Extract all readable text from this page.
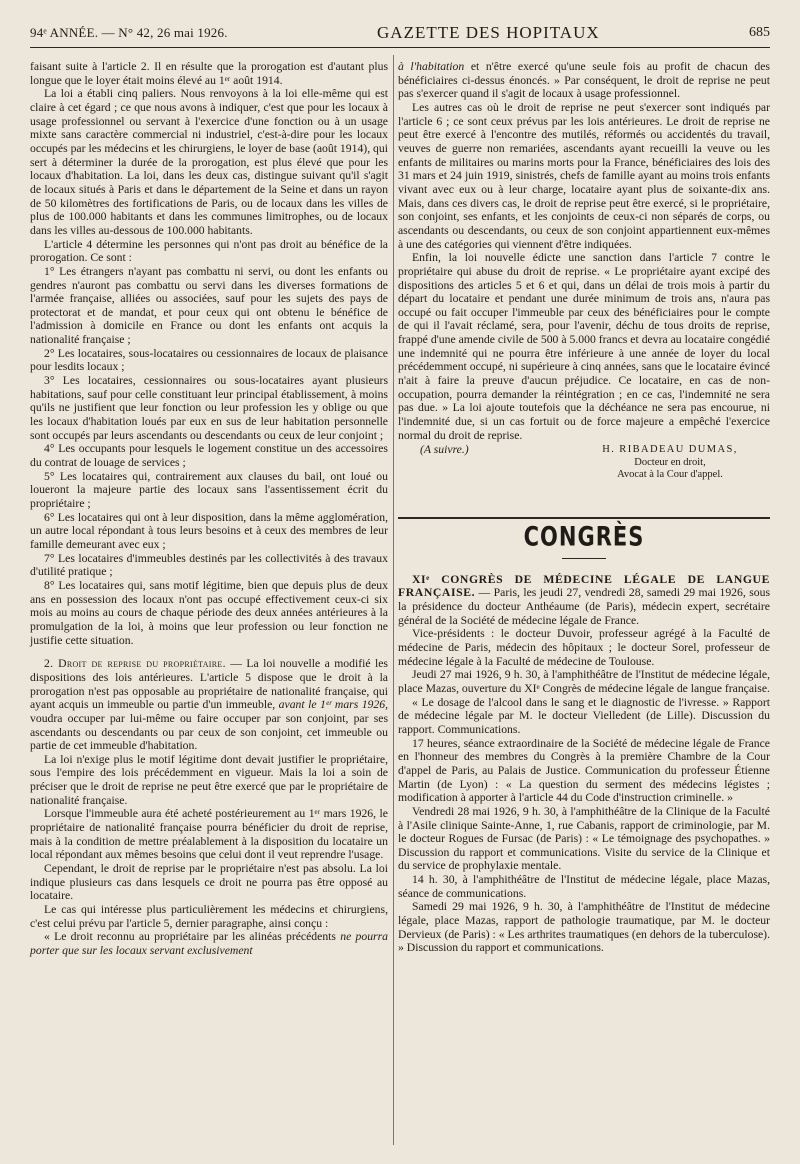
94ᵉ ANNÉE. — N° 42, 26 mai 1926.	GAZETTE DES HOPITAUX	685

faisant suite à l'article 2. Il en résulte que la prorogation est d'autant plus longue que le loyer était moins élevé au 1ᵉʳ août 1914.

La loi a établi cinq paliers. Nous renvoyons à la loi elle-même qui est claire à cet égard ; ce que nous avons à indiquer, c'est que pour les locaux à usage professionnel ou servant à l'exercice d'une fonction ou à un usage mixte sans caractère commercial ni industriel, c'est-à-dire pour les locaux occupés par les médecins et les chirurgiens, le loyer de base (août 1914), qui sert à déterminer la durée de la prorogation, est plus élevé que pour les locaux d'habitation. La loi, dans les deux cas, distingue suivant qu'il s'agit de locaux situés à Paris et dans le département de la Seine et dans un rayon de 50 kilomètres des fortifications de Paris, ou de locaux dans les villes de plus de 100.000 habitants et dans les communes limitrophes, ou de locaux dans les villes au-dessous de 100.000 habitants.

L'article 4 détermine les personnes qui n'ont pas droit au bénéfice de la prorogation. Ce sont :

1° Les étrangers n'ayant pas combattu ni servi, ou dont les enfants ou gendres n'auront pas combattu ou servi dans les diverses formations de l'armée française, alliées ou associées, sauf pour les sujets des pays de protectorat et de mandat, et pour ceux qui ont obtenu le bénéfice de l'admission à domicile en France ou dont les enfants ont acquis la nationalité française ;

2° Les locataires, sous-locataires ou cessionnaires de locaux de plaisance pour lesdits locaux ;

3° Les locataires, cessionnaires ou sous-locataires ayant plusieurs habitations, sauf pour celle constituant leur principal établissement, à moins qu'ils ne justifient que leur fonction ou leur profession les y oblige ou que les locaux d'habitation loués par eux en sus de leur habitation personnelle sont occupés par leurs ascendants ou descendants ou ceux de leur conjoint ;

4° Les occupants pour lesquels le logement constitue un des accessoires du contrat de louage de services ;

5° Les locataires qui, contrairement aux clauses du bail, ont loué ou loueront la majeure partie des locaux sans l'assentissement écrit du propriétaire ;

6° Les locataires qui ont à leur disposition, dans la même agglomération, un autre local répondant à tous leurs besoins et à ceux des membres de leur famille demeurant avec eux ;

7° Les locataires d'immeubles destinés par les collectivités à des travaux d'utilité pratique ;

8° Les locataires qui, sans motif légitime, bien que depuis plus de deux ans en possession des locaux n'ont pas occupé effectivement ceux-ci six mois au moins au cours de chaque période des deux années antérieures à la promulgation de la loi, à moins que leur profession ou leur fonction ne justifie cette situation.

2. Droit de reprise du propriétaire. — La loi nouvelle a modifié les dispositions des lois antérieures. L'article 5 dispose que le droit à la prorogation n'est pas opposable au propriétaire de nationalité française, qui ayant acquis un immeuble ou partie d'un immeuble, avant le 1ᵉʳ mars 1926, voudra occuper par lui-même ou faire occuper par son conjoint, par ses ascendants ou descendants ou par ceux de son conjoint, cet immeuble ou partie de cet immeuble d'habitation.

La loi n'exige plus le motif légitime dont devait justifier le propriétaire, sous l'empire des lois précédemment en vigueur. Mais la loi a soin de préciser que le droit de reprise ne peut être exercé que par le propriétaire de nationalité française.

Lorsque l'immeuble aura été acheté postérieurement au 1ᵉʳ mars 1926, le propriétaire de nationalité française pourra bénéficier du droit de reprise, mais à la condition de mettre préalablement à la disposition du locataire un local répondant aux mêmes besoins que celui dont il veut reprendre l'usage.

Cependant, le droit de reprise par le propriétaire n'est pas absolu. La loi indique plusieurs cas dans lesquels ce droit ne pourra pas être opposé au locataire.

Le cas qui intéresse plus particulièrement les médecins et chirurgiens, c'est celui prévu par l'article 5, dernier paragraphe, ainsi conçu :

« Le droit reconnu au propriétaire par les alinéas précédents ne pourra porter que sur les locaux servant exclusivement

à l'habitation et n'être exercé qu'une seule fois au profit de chacun des bénéficiaires ci-dessus énoncés. » Par conséquent, le droit de reprise ne peut pas s'exercer quand il s'agit de locaux à usage professionnel.

Les autres cas où le droit de reprise ne peut s'exercer sont indiqués par l'article 6 ; ce sont ceux prévus par les lois antérieures. Le droit de reprise ne peut être exercé à l'encontre des mutilés, réformés ou accidentés du travail, veuves de guerre non remariées, ascendants ayant recueilli la veuve ou les enfants de militaires ou marins morts pour la France, bénéficiaires des lois des 31 mars et 24 juin 1919, sinistrés, chefs de famille ayant au moins trois enfants vivant avec eux ou à leur charge, locataire ayant plus de soixante-dix ans. Mais, dans ces divers cas, le droit de reprise peut être exercé, si le propriétaire, son conjoint, ses enfants, et les conjoints de ceux-ci non séparés de corps, ou ascendants ou descendants, ou ceux de son conjoint appartiennent eux-mêmes à une des catégories qui viennent d'être indiquées.

Enfin, la loi nouvelle édicte une sanction dans l'article 7 contre le propriétaire qui abuse du droit de reprise. « Le propriétaire ayant excipé des dispositions des articles 5 et 6 et qui, dans un délai de trois mois à partir du départ du locataire et pendant une durée minimum de trois ans, n'aura pas occupé ou fait occuper l'immeuble par ceux des bénéficiaires pour le compte de qui il l'avait réclamé, sera, pour l'avenir, déchu de tous droits de reprise, frappé d'une amende civile de 500 à 5.000 francs et devra au locataire congédié une indemnité qui ne pourra être inférieure à une année de loyer du local précédemment occupé, ni supérieure à cinq années, sans que le locataire évincé n'ait à faire la preuve d'aucun préjudice. Ce locataire, en cas de non-occupation, pourra demander la réintégration ; en ce cas, l'indemnité ne sera pas due. » La loi ajoute toutefois que la déchéance ne sera pas encourue, ni l'indemnité due, si un cas fortuit ou de force majeure a empêché l'exercice normal du droit de reprise.

(A suivre.)	H. RIBADEAU DUMAS,
Docteur en droit,
Avocat à la Cour d'appel.
CONGRÈS

XIᵉ CONGRÈS DE MÉDECINE LÉGALE DE LANGUE FRANÇAISE. — Paris, les jeudi 27, vendredi 28, samedi 29 mai 1926, sous la présidence du docteur Anthéaume (de Paris), médecin expert, secrétaire général de la Société de médecine légale de France.

Vice-présidents : le docteur Duvoir, professeur agrégé à la Faculté de médecine de Paris, médecin des hôpitaux ; le docteur Sorel, professeur de médecine légale à la Faculté de médecine de Toulouse.

Jeudi 27 mai 1926, 9 h. 30, à l'amphithéâtre de l'Institut de médecine légale, place Mazas, ouverture du XIᵉ Congrès de médecine légale de langue française.

« Le dosage de l'alcool dans le sang et le diagnostic de l'ivresse. » Rapport de médecine légale par M. le docteur Vielledent (de Lille). Discussion du rapport. Communications.

17 heures, séance extraordinaire de la Société de médecine légale de France en l'honneur des membres du Congrès à la première Chambre de la Cour d'appel de Paris, au Palais de Justice. Communication du professeur Étienne Martin (de Lyon) : « La question du serment des médecins légistes ; modification à apporter à l'article 44 du Code d'instruction criminelle. »

Vendredi 28 mai 1926, 9 h. 30, à l'amphithéâtre de la Clinique de la Faculté à l'Asile clinique Sainte-Anne, 1, rue Cabanis, rapport de criminologie, par M. le docteur Rogues de Fursac (de Paris) : « Le témoignage des psychopathes. » Discussion du rapport et communications. Visite du service de la Clinique et du service de prophylaxie mentale.

14 h. 30, à l'amphithéâtre de l'Institut de médecine légale, place Mazas, séance de communications.

Samedi 29 mai 1926, 9 h. 30, à l'amphithéâtre de l'Institut de médecine légale, place Mazas, rapport de pathologie traumatique, par M. le docteur Dervieux (de Paris) : « Les arthrites traumatiques (en dehors de la tuberculose). » Discussion du rapport et communications.
